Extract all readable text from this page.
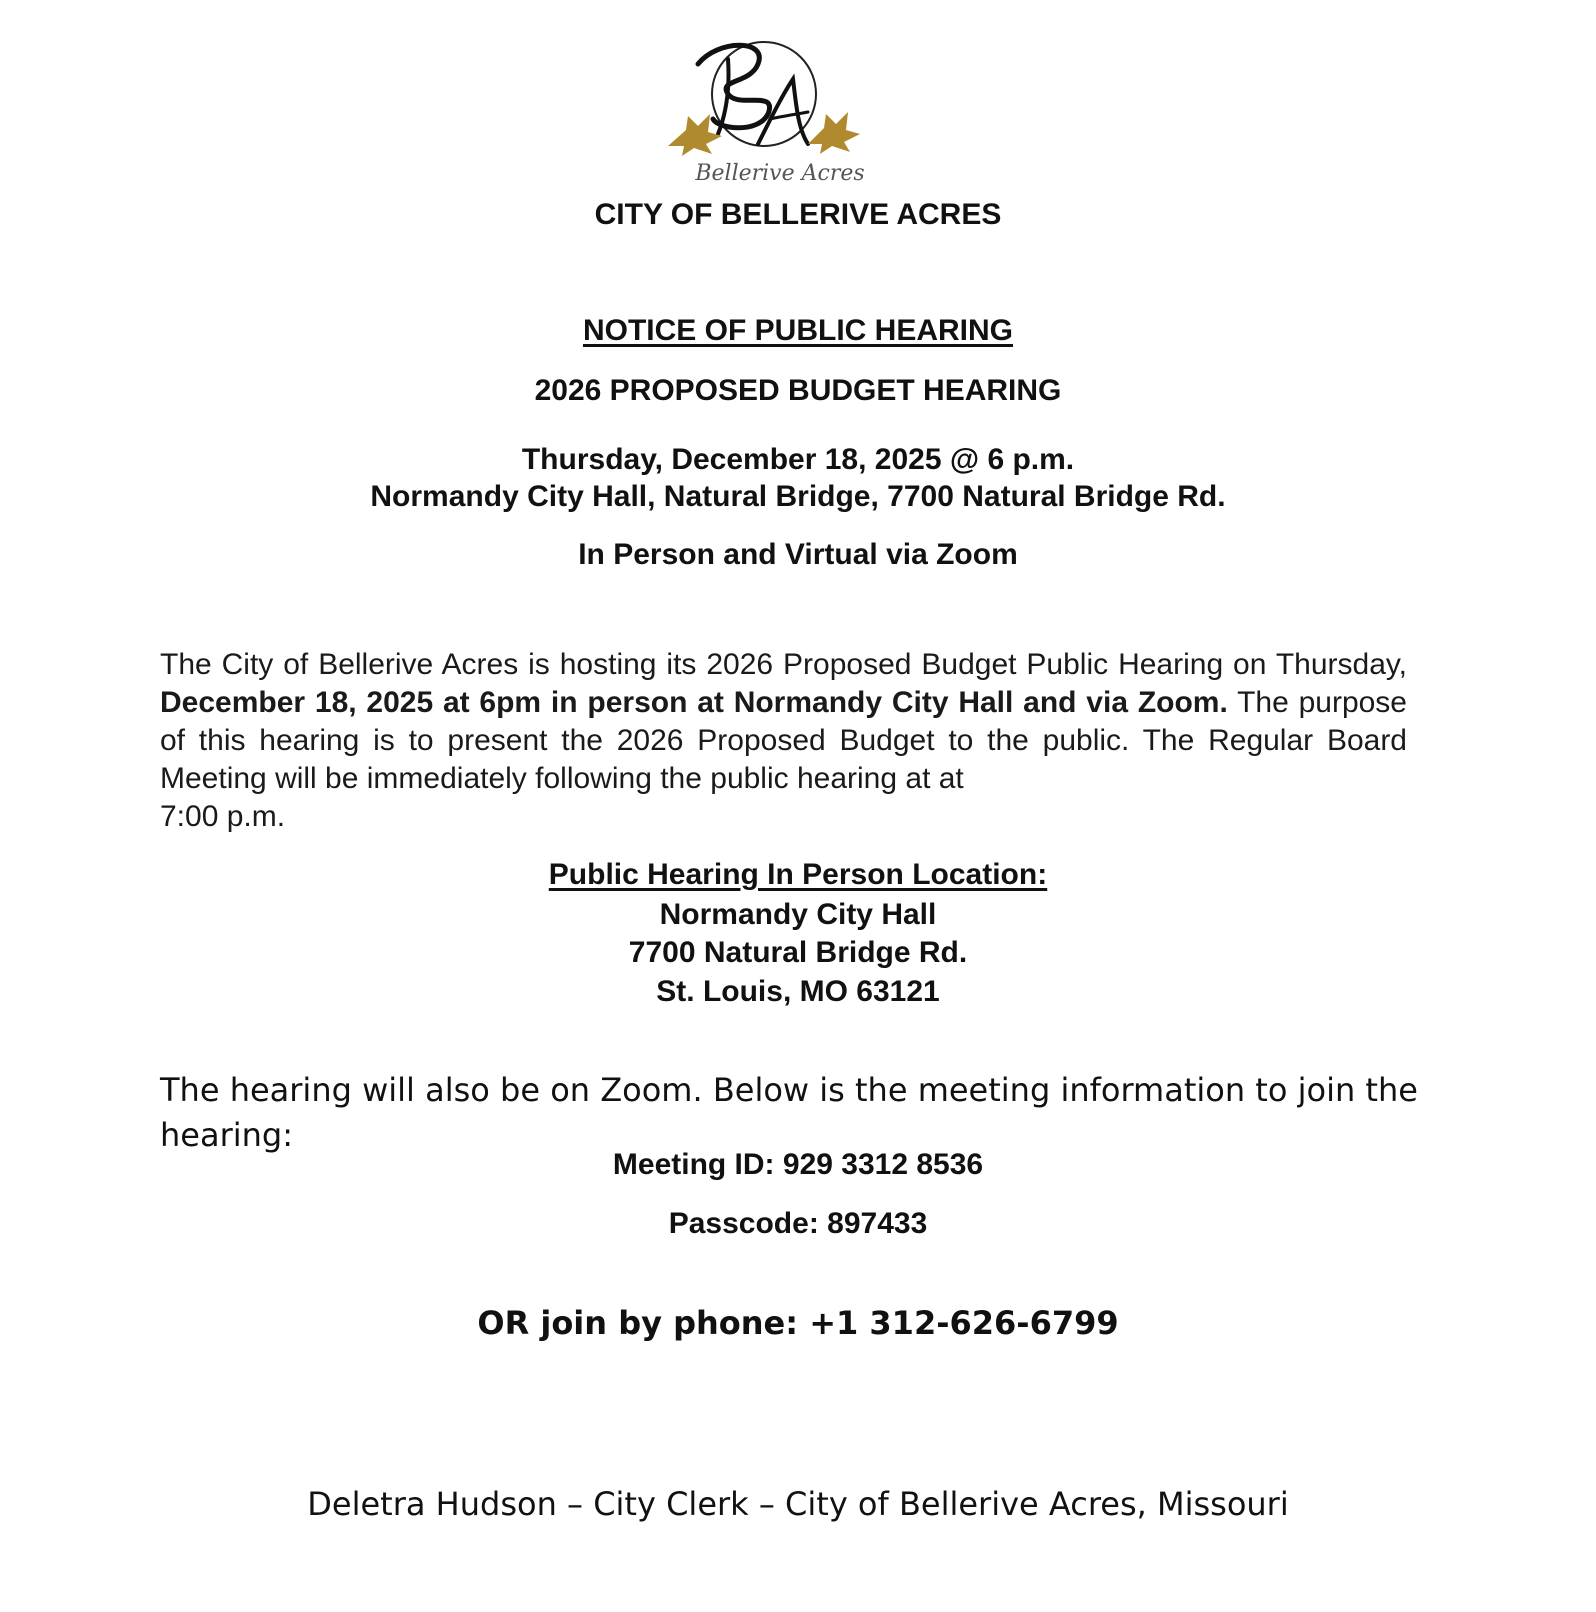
Bellerive Acres
CITY OF BELLERIVE ACRES
NOTICE OF PUBLIC HEARING
2026 PROPOSED BUDGET HEARING
Thursday, December 18, 2025 @ 6 p.m.
Normandy City Hall, Natural Bridge, 7700 Natural Bridge Rd.
In Person and Virtual via Zoom
The City of Bellerive Acres is hosting its 2026 Proposed Budget Public Hearing on Thursday, December 18, 2025 at 6pm in person at Normandy City Hall and via Zoom. The purpose of this hearing is to present the 2026 Proposed Budget to the public. The Regular Board Meeting will be immediately following the public hearing at at
7:00 p.m.
Public Hearing In Person Location:
Normandy City Hall
7700 Natural Bridge Rd.
St. Louis, MO 63121
The hearing will also be on Zoom. Below is the meeting information to join the
hearing:
Meeting ID: 929 3312 8536
Passcode: 897433
OR join by phone: +1 312-626-6799
Deletra Hudson – City Clerk – City of Bellerive Acres, Missouri
